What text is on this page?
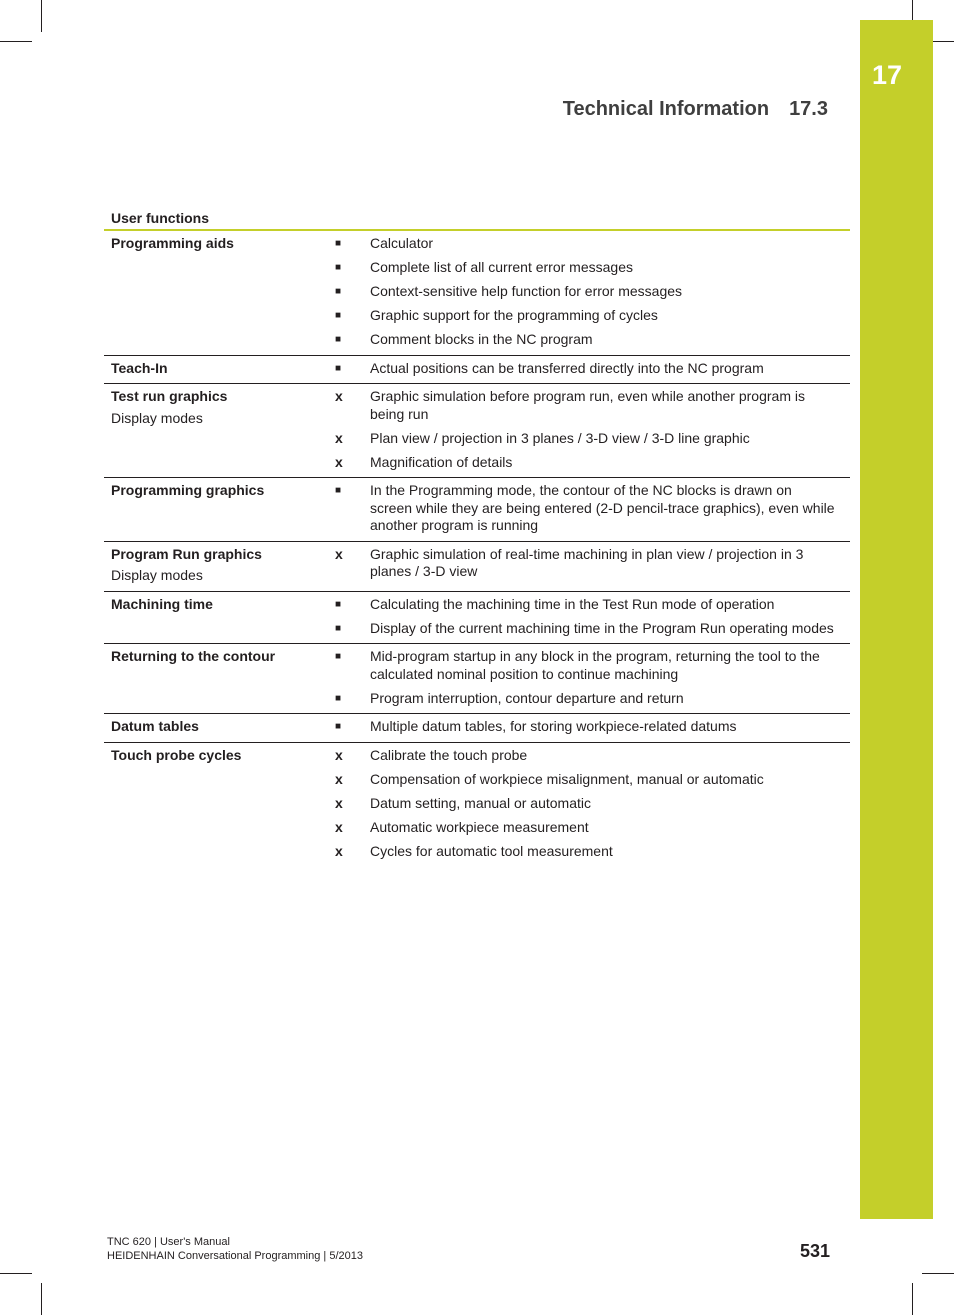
17
Technical Information 17.3
User functions
Programming aids	■	Calculator
■	Complete list of all current error messages
■	Context-sensitive help function for error messages
■	Graphic support for the programming of cycles
■	Comment blocks in the NC program
Teach-In	■	Actual positions can be transferred directly into the NC program
Test run graphics
Display modes
x	Graphic simulation before program run, even while another program is being run
x	Plan view / projection in 3 planes / 3-D view / 3-D line graphic
x	Magnification of details
Programming graphics	■	In the Programming mode, the contour of the NC blocks is drawn on screen while they are being entered (2-D pencil-trace graphics), even while another program is running
Program Run graphics
Display modes
x	Graphic simulation of real-time machining in plan view / projection in 3 planes / 3-D view
Machining time	■	Calculating the machining time in the Test Run mode of operation
■	Display of the current machining time in the Program Run operating modes
Returning to the contour	■	Mid-program startup in any block in the program, returning the tool to the calculated nominal position to continue machining
■	Program interruption, contour departure and return
Datum tables	■	Multiple datum tables, for storing workpiece-related datums
Touch probe cycles	x	Calibrate the touch probe
x	Compensation of workpiece misalignment, manual or automatic
x	Datum setting, manual or automatic
x	Automatic workpiece measurement
x	Cycles for automatic tool measurement
TNC 620 | User's Manual
HEIDENHAIN Conversational Programming | 5/2013	531
